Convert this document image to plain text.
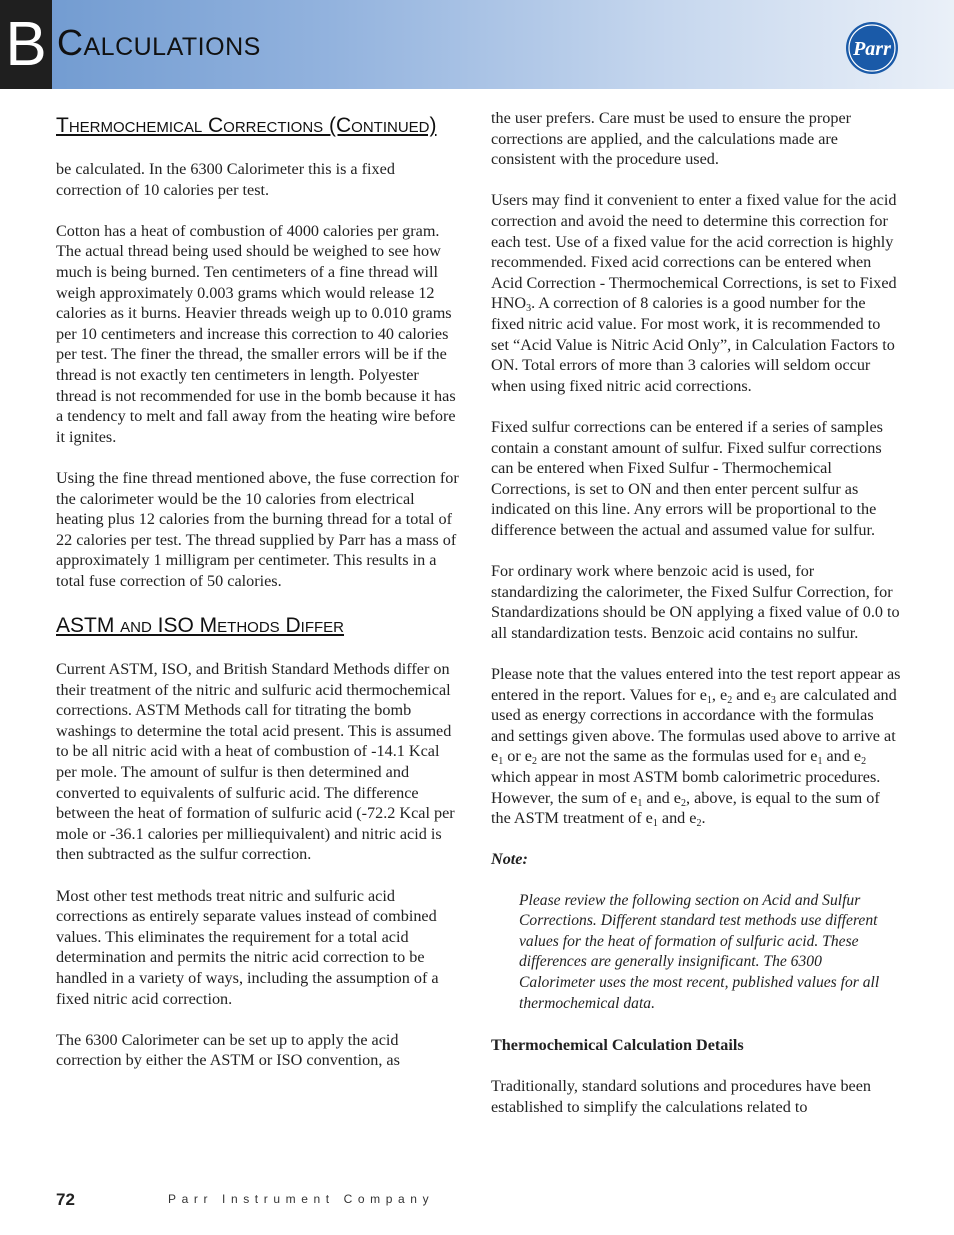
B Calculations	Parr
Thermochemical Corrections (Continued)

be calculated. In the 6300 Calorimeter this is a fixed correction of 10 calories per test.

Cotton has a heat of combustion of 4000 calories per gram. The actual thread being used should be weighed to see how much is being burned. Ten centimeters of a fine thread will weigh approximately 0.003 grams which would release 12 calories as it burns. Heavier threads weigh up to 0.010 grams per 10 centimeters and increase this correction to 40 calories per test. The finer the thread, the smaller errors will be if the thread is not exactly ten centimeters in length. Polyester thread is not recommended for use in the bomb because it has a tendency to melt and fall away from the heating wire before it ignites.

Using the fine thread mentioned above, the fuse correction for the calorimeter would be the 10 calories from electrical heating plus 12 calories from the burning thread for a total of 22 calories per test. The thread supplied by Parr has a mass of approximately 1 milligram per centimeter. This results in a total fuse correction of 50 calories.

ASTM and ISO Methods Differ

Current ASTM, ISO, and British Standard Methods differ on their treatment of the nitric and sulfuric acid thermochemical corrections. ASTM Methods call for titrating the bomb washings to determine the total acid present. This is assumed to be all nitric acid with a heat of combustion of -14.1 Kcal per mole. The amount of sulfur is then determined and converted to equivalents of sulfuric acid. The difference between the heat of formation of sulfuric acid (-72.2 Kcal per mole or -36.1 calories per milliequivalent) and nitric acid is then subtracted as the sulfur correction.

Most other test methods treat nitric and sulfuric acid corrections as entirely separate values instead of combined values. This eliminates the requirement for a total acid determination and permits the nitric acid correction to be handled in a variety of ways, including the assumption of a fixed nitric acid correction.

The 6300 Calorimeter can be set up to apply the acid correction by either the ASTM or ISO convention, as

the user prefers. Care must be used to ensure the proper corrections are applied, and the calculations made are consistent with the procedure used.

Users may find it convenient to enter a fixed value for the acid correction and avoid the need to determine this correction for each test. Use of a fixed value for the acid correction is highly recommended. Fixed acid corrections can be entered when Acid Correction - Thermochemical Corrections, is set to Fixed $HNO_3$. A correction of 8 calories is a good number for the fixed nitric acid value. For most work, it is recommended to set “Acid Value is Nitric Acid Only”, in Calculation Factors to ON. Total errors of more than 3 calories will seldom occur when using fixed nitric acid corrections.

Fixed sulfur corrections can be entered if a series of samples contain a constant amount of sulfur. Fixed sulfur corrections can be entered when Fixed Sulfur - Thermochemical Corrections, is set to ON and then enter percent sulfur as indicated on this line. Any errors will be proportional to the difference between the actual and assumed value for sulfur.

For ordinary work where benzoic acid is used, for standardizing the calorimeter, the Fixed Sulfur Correction, for Standardizations should be ON applying a fixed value of 0.0 to all standardization tests. Benzoic acid contains no sulfur.

Please note that the values entered into the test report appear as entered in the report. Values for $e_1$, $e_2$ and $e_3$ are calculated and used as energy corrections in accordance with the formulas and settings given above. The formulas used above to arrive at $e_1$ or $e_2$ are not the same as the formulas used for $e_1$ and $e_2$ which appear in most ASTM bomb calorimetric procedures. However, the sum of $e_1$ and $e_2$, above, is equal to the sum of the ASTM treatment of $e_1$ and $e_2$.

Note:

Please review the following section on Acid and Sulfur Corrections. Different standard test methods use different values for the heat of formation of sulfuric acid. These differences are generally insignificant. The 6300 Calorimeter uses the most recent, published values for all thermochemical data.

Thermochemical Calculation Details

Traditionally, standard solutions and procedures have been established to simplify the calculations related to

72	Parr Instrument Company
